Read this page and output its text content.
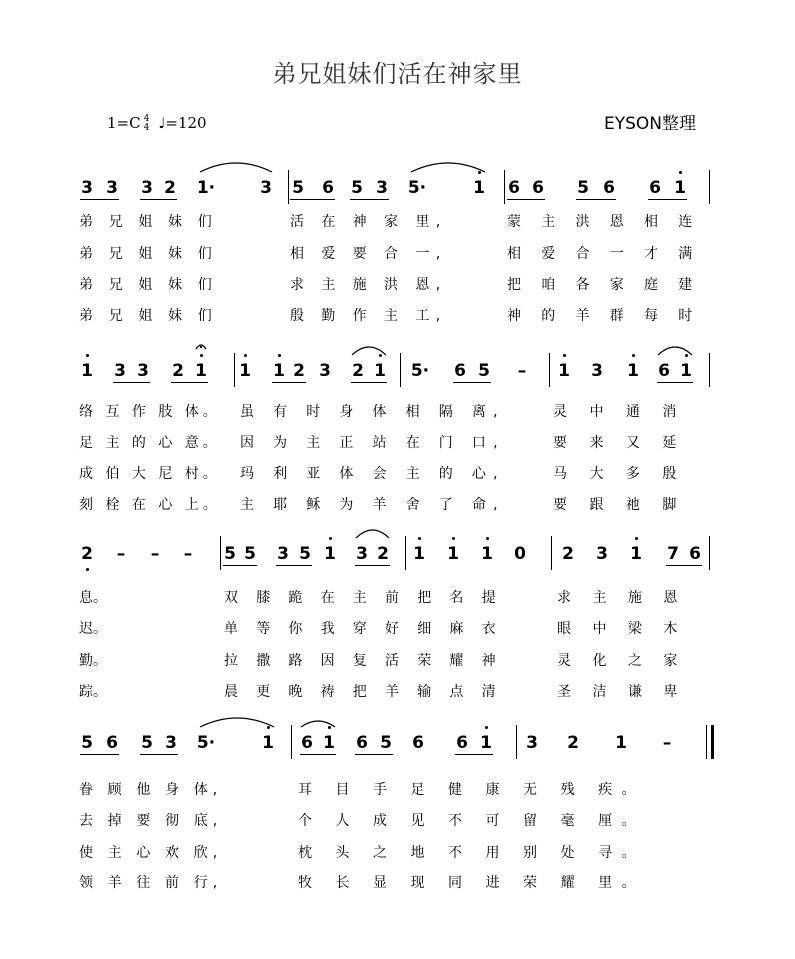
弟兄姐妹们活在神家里
EYSON整理
1=C 4
4 ♩=120
3 3 3 2 1·	3 5 6 5 3 5·	1 6 6 5 6 6 1
弟 兄 姐 妹 们	活 在 神 家 里,	蒙 主 洪 恩 相 连
弟 兄 姐 妹 们	相 爱 要 合 一,	相 爱 合 一 才 满
弟 兄 姐 妹 们	求 主 施 洪 恩,	把 咱 各 家 庭 建
弟 兄 姐 妹 们	殷 勤 作 主 工,	神 的 羊 群 每 时
1 3 3 2 1 1 1 2 3 2 1 5· 6 5	–	1 3 1 6 1
络 互 作 肢 体。 虽 有 时 身 体 相 隔 离,	灵 中 通 消
足 主 的 心 意。 因 为 主 正 站 在 门 口,	要 来 又 延
成 伯 大 尼 村。 玛 利 亚 体 会 主 的 心,	马 大 多 殷
刻 栓 在 心 上。 主 耶 稣 为 羊 舍 了 命,	要 跟 祂 脚
2	–	–	–	5 5 3 5 1 3 2 1 1 1 0 2 3 1 7 6
息。	双 膝 跪 在 主 前 把 名 提	求 主 施 恩
迟。	单 等 你 我 穿 好 细 麻 衣	眼 中 梁 木
勤。	拉 撒 路 因 复 活 荣 耀 神	灵 化 之 家
踪。	晨 更 晚 祷 把 羊 输 点 清	圣 洁 谦 卑
5 6 5 3 5·	1 6 1 6 5 6 6 1 3 2 1	–
眷 顾 他 身 体,	耳 目 手 足 健 康 无 残 疾。
去 掉 要 彻 底,	个 人 成 见 不 可 留 毫 厘。
使 主 心 欢 欣,	枕 头 之 地 不 用 别 处 寻。
领 羊 往 前 行,	牧 长 显 现 同 进 荣 耀 里。
